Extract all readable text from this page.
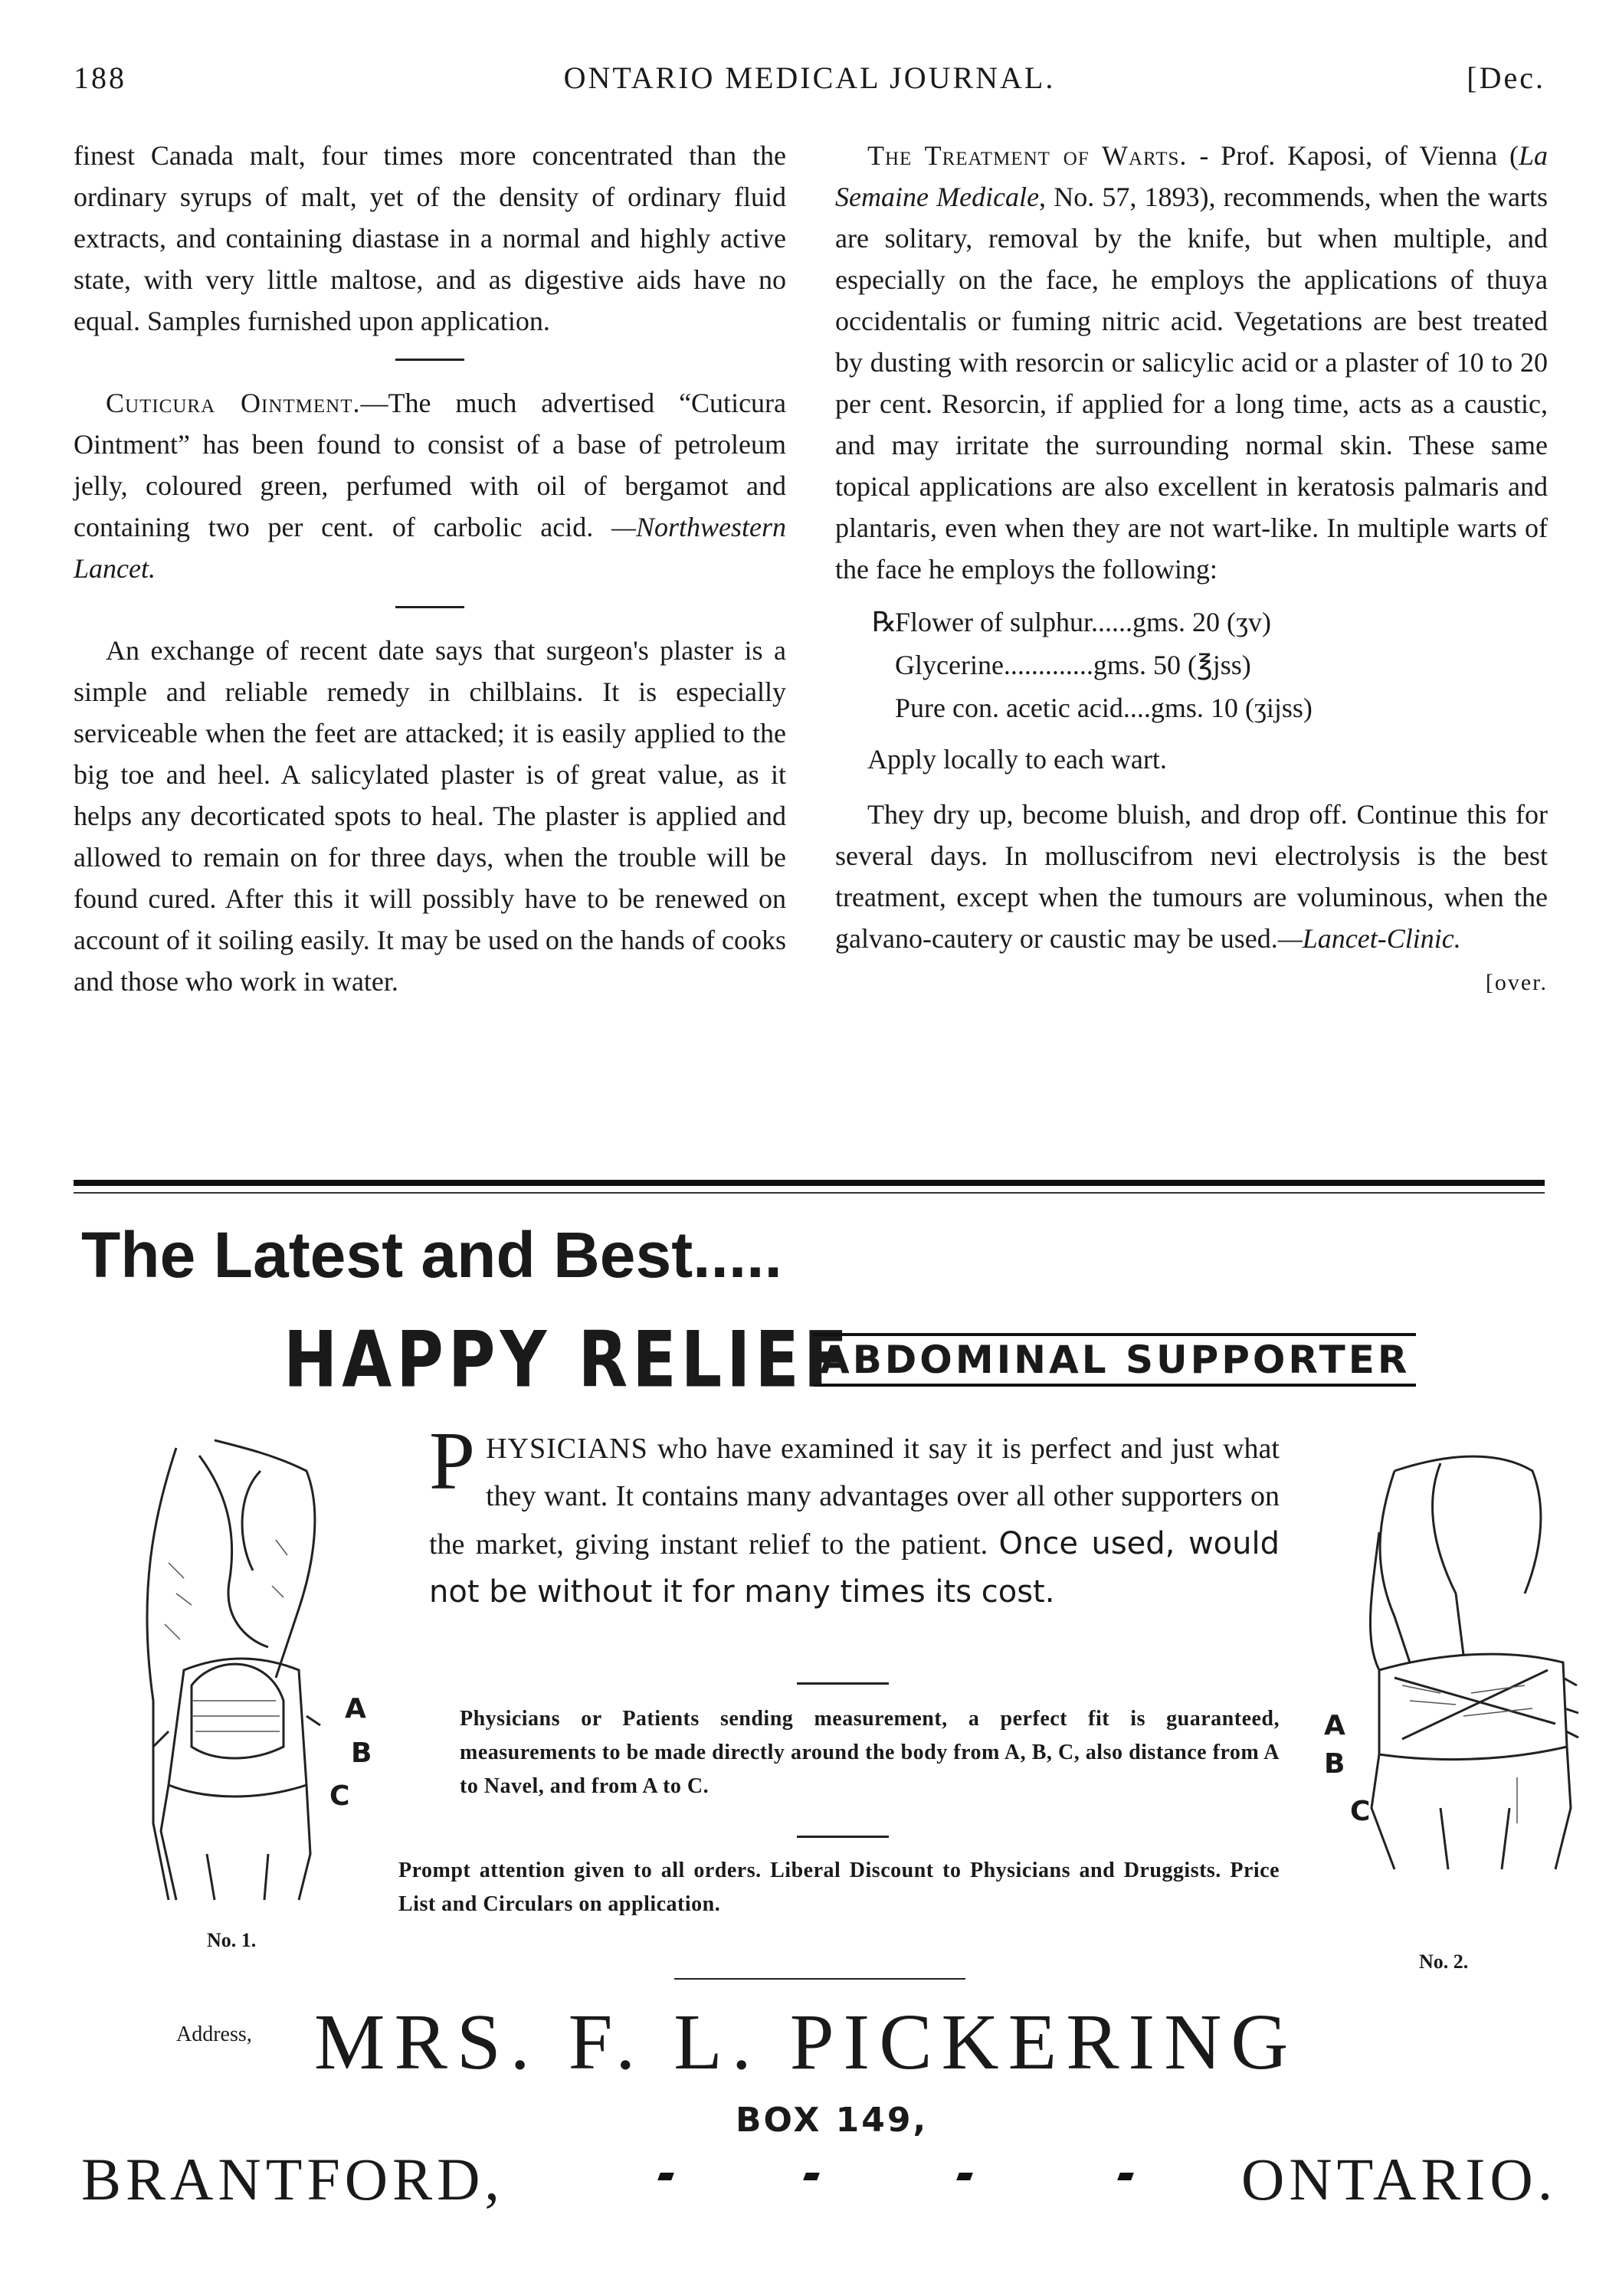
188	ONTARIO MEDICAL JOURNAL.	[Dec.

finest Canada malt, four times more concentrated than the ordinary syrups of malt, yet of the density of ordinary fluid extracts, and containing diastase in a normal and highly active state, with very little maltose, and as digestive aids have no equal. Samples furnished upon application.

Cuticura Ointment.—The much advertised “Cuticura Ointment” has been found to consist of a base of petroleum jelly, coloured green, perfumed with oil of bergamot and containing two per cent. of carbolic acid. —Northwestern Lancet.

An exchange of recent date says that surgeon's plaster is a simple and reliable remedy in chilblains. It is especially serviceable when the feet are attacked; it is easily applied to the big toe and heel. A salicylated plaster is of great value, as it helps any decorticated spots to heal. The plaster is applied and allowed to remain on for three days, when the trouble will be found cured. After this it will possibly have to be renewed on account of it soiling easily. It may be used on the hands of cooks and those who work in water.

The Treatment of Warts. - Prof. Kaposi, of Vienna (La Semaine Medicale, No. 57, 1893), recommends, when the warts are solitary, removal by the knife, but when multiple, and especially on the face, he employs the applications of thuya occidentalis or fuming nitric acid. Vegetations are best treated by dusting with resorcin or salicylic acid or a plaster of 10 to 20 per cent. Resorcin, if applied for a long time, acts as a caustic, and may irritate the surrounding normal skin. These same topical applications are also excellent in keratosis palmaris and plantaris, even when they are not wart-like. In multiple warts of the face he employs the following:

℞
Flower of sulphur......gms. 20 (ʒv)
Glycerine.............gms. 50 (℥jss)
Pure con. acetic acid....gms. 10 (ʒijss)

Apply locally to each wart.

They dry up, become bluish, and drop off. Continue this for several days. In molluscifrom nevi electrolysis is the best treatment, except when the tumours are voluminous, when the galvano-cautery or caustic may be used.—Lancet-Clinic.

[over.
The Latest and Best.....
HAPPY RELIEF
ABDOMINAL SUPPORTER
A
B
C
No. 1.
A
B
C
No. 2.
PHYSICIANS who have examined it say it is perfect and just what they want. It contains many advantages over all other supporters on the market, giving instant relief to the patient. Once used, would not be without it for many times its cost.
Physicians or Patients sending measurement, a perfect fit is guaranteed, measurements to be made directly around the body from A, B, C, also distance from A to Navel, and from A to C.
Prompt attention given to all orders. Liberal Discount to Physicians and Druggists. Price List and Circulars on application.
Address, MRS. F. L. PICKERING
BOX 149,
BRANTFORD,	ONTARIO.
